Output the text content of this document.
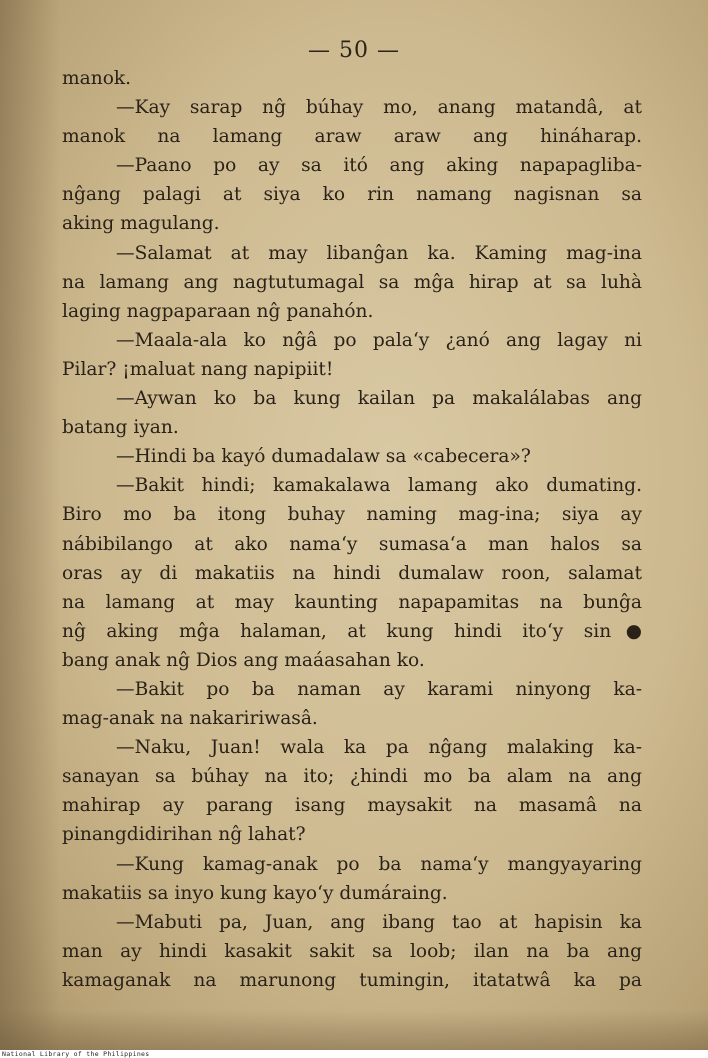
— 50 —
manok.
—Kay sarap nĝ búhay mo, anang matandâ, at
manok na lamang araw araw ang hináharap.
—Paano po ay sa itó ang aking napapagliba-
nĝang palagi at siya ko rin namang nagisnan sa
aking magulang.
—Salamat at may libanĝan ka. Kaming mag-ina
na lamang ang nagtutumagal sa mĝa hirap at sa luhà
laging nagpaparaan nĝ panahón.
—Maala-ala ko nĝâ po pala‘y ¿anó ang lagay ni
Pilar? ¡maluat nang napipiit!
—Aywan ko ba kung kailan pa makalálabas ang
batang iyan.
—Hindi ba kayó dumadalaw sa «cabecera»?
—Bakit hindi; kamakalawa lamang ako dumating.
Biro mo ba itong buhay naming mag-ina; siya ay
nábibilango at ako nama‘y sumasa‘a man halos sa
oras ay di makatiis na hindi dumalaw roon, salamat
na lamang at may kaunting napapamitas na bunĝa
nĝ aking mĝa halaman, at kung hindi ito‘y sin●
bang anak nĝ Dios ang maáasahan ko.
—Bakit po ba naman ay karami ninyong ka-
mag-anak na nakaririwasâ.
—Naku, Juan! wala ka pa nĝang malaking ka-
sanayan sa búhay na ito; ¿hindi mo ba alam na ang
mahirap ay parang isang maysakit na masamâ na
pinangdidirihan nĝ lahat?
—Kung kamag-anak po ba nama‘y mangyayaring
makatiis sa inyo kung kayo‘y dumáraing.
—Mabuti pa, Juan, ang ibang tao at hapisin ka
man ay hindi kasakit sakit sa loob; ilan na ba ang
kamaganak na marunong tumingin, itatatwâ ka pa
National Library of the Philippines
